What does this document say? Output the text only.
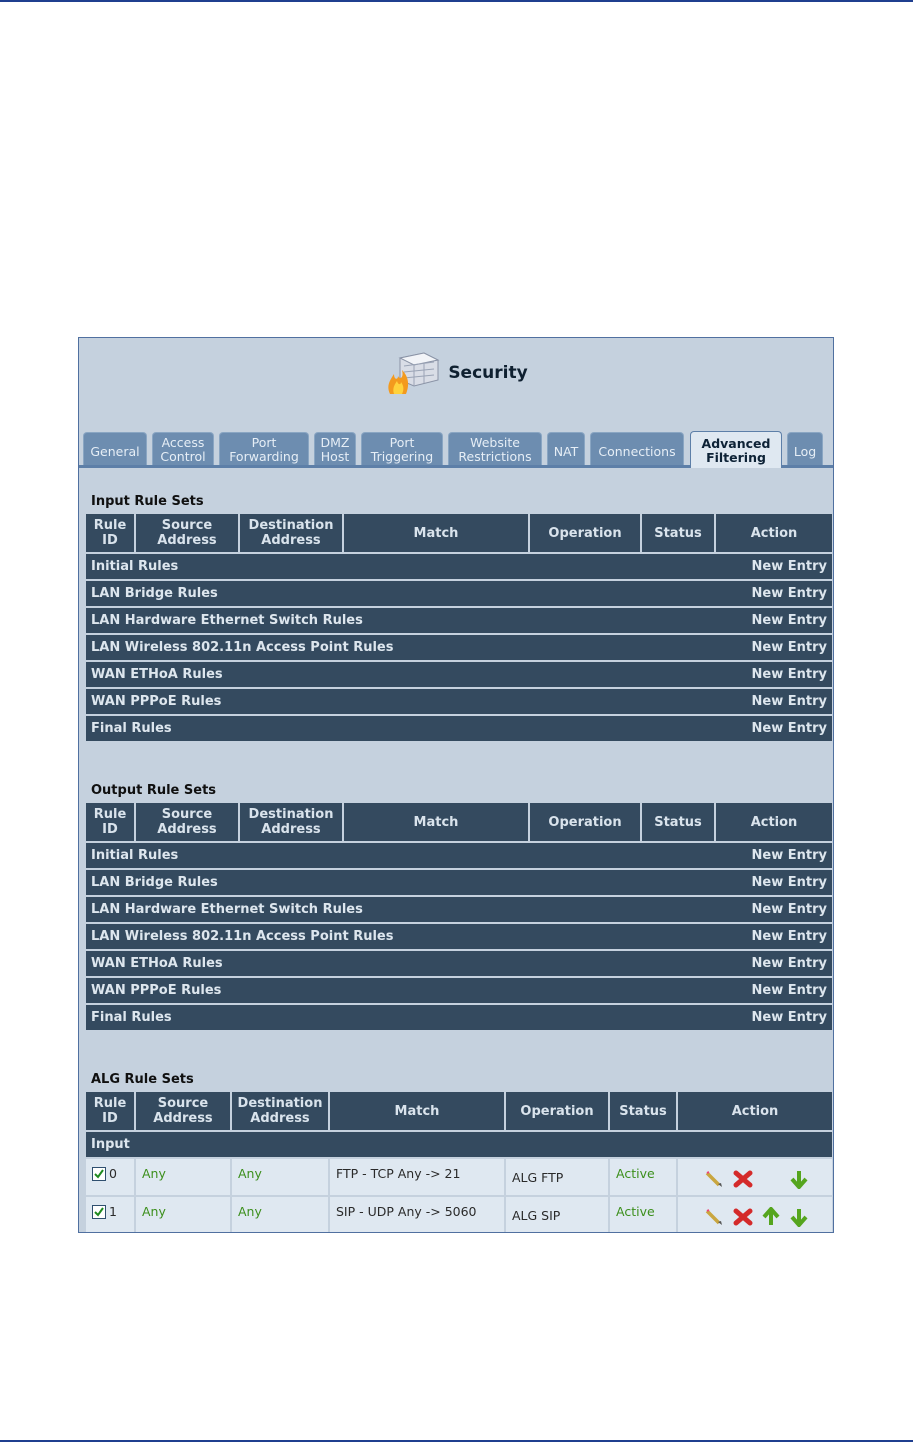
Security
General
Access
Control
Port
Forwarding
DMZ
Host
Port
Triggering
Website
Restrictions	NAT Connections
Advanced
Filtering	Log
Input Rule Sets
Rule
ID	Source
Address	Destination
Address	Match	Operation	Status	Action

Initial Rules	New Entry

LAN Bridge Rules	New Entry

LAN Hardware Ethernet Switch Rules	New Entry

LAN Wireless 802.11n Access Point Rules	New Entry

WAN ETHoA Rules	New Entry

WAN PPPoE Rules	New Entry

Final Rules	New Entry
Output Rule Sets
Rule
ID	Source
Address	Destination
Address	Match	Operation	Status	Action

Initial Rules	New Entry

LAN Bridge Rules	New Entry

LAN Hardware Ethernet Switch Rules	New Entry

LAN Wireless 802.11n Access Point Rules	New Entry

WAN ETHoA Rules	New Entry

WAN PPPoE Rules	New Entry

Final Rules	New Entry
ALG Rule Sets
Rule
ID	Source
Address	Destination
Address	Match	Operation	Status	Action

Input						

0	Any	Any	FTP - TCP Any -> 21	ALG FTP	Active	

1	Any	Any	SIP - UDP Any -> 5060	ALG SIP	Active	
